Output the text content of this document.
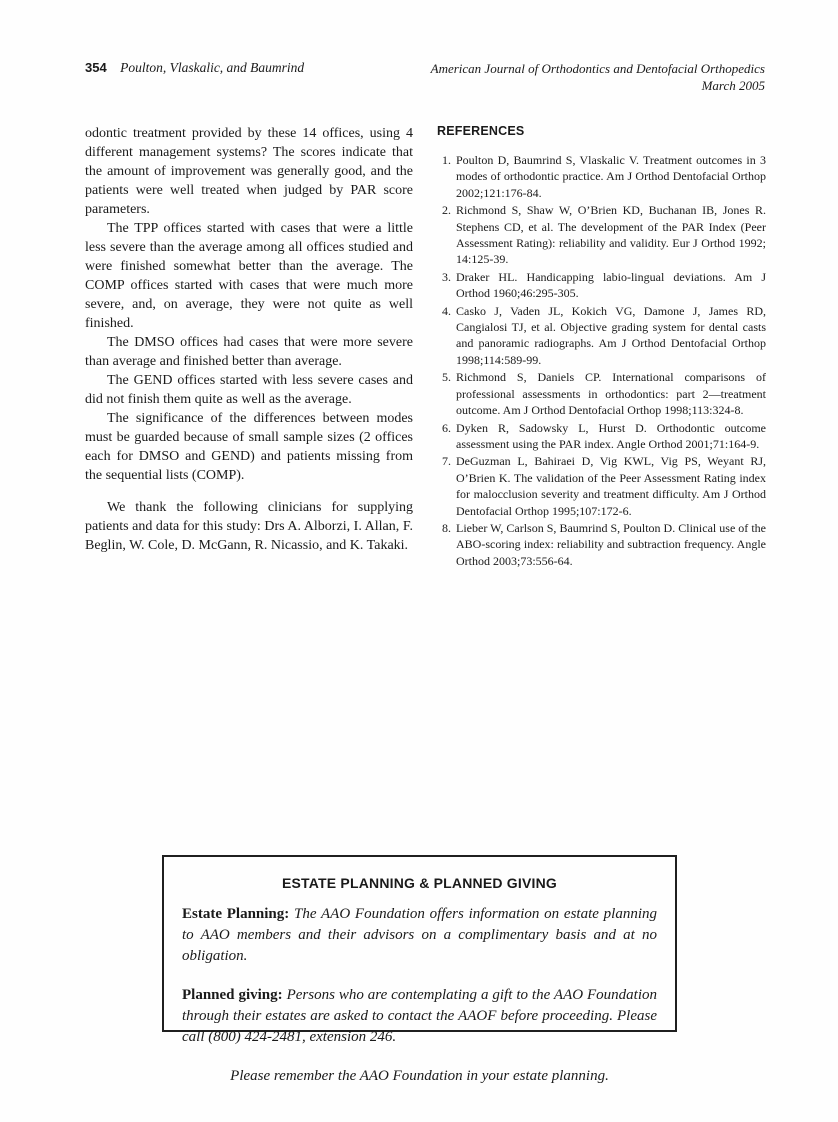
354 Poulton, Vlaskalic, and Baumrind	American Journal of Orthodontics and Dentofacial Orthopedics
March 2005

odontic treatment provided by these 14 offices, using 4 different management systems? The scores indicate that the amount of improvement was generally good, and the patients were well treated when judged by PAR score parameters.

The TPP offices started with cases that were a little less severe than the average among all offices studied and were finished somewhat better than the average. The COMP offices started with cases that were much more severe, and, on average, they were not quite as well finished.

The DMSO offices had cases that were more severe than average and finished better than average.

The GEND offices started with less severe cases and did not finish them quite as well as the average.

The significance of the differences between modes must be guarded because of small sample sizes (2 offices each for DMSO and GEND) and patients missing from the sequential lists (COMP).

We thank the following clinicians for supplying patients and data for this study: Drs A. Alborzi, I. Allan, F. Beglin, W. Cole, D. McGann, R. Nicassio, and K. Takaki.

REFERENCES
1. Poulton D, Baumrind S, Vlaskalic V. Treatment outcomes in 3 modes of orthodontic practice. Am J Orthod Dentofacial Orthop 2002;121:176-84.
2. Richmond S, Shaw W, O’Brien KD, Buchanan IB, Jones R. Stephens CD, et al. The development of the PAR Index (Peer Assessment Rating): reliability and validity. Eur J Orthod 1992; 14:125-39.
3. Draker HL. Handicapping labio-lingual deviations. Am J Orthod 1960;46:295-305.
4. Casko J, Vaden JL, Kokich VG, Damone J, James RD, Cangialosi TJ, et al. Objective grading system for dental casts and panoramic radiographs. Am J Orthod Dentofacial Orthop 1998;114:589-99.
5. Richmond S, Daniels CP. International comparisons of professional assessments in orthodontics: part 2—treatment outcome. Am J Orthod Dentofacial Orthop 1998;113:324-8.
6. Dyken R, Sadowsky L, Hurst D. Orthodontic outcome assessment using the PAR index. Angle Orthod 2001;71:164-9.
7. DeGuzman L, Bahiraei D, Vig KWL, Vig PS, Weyant RJ, O’Brien K. The validation of the Peer Assessment Rating index for malocclusion severity and treatment difficulty. Am J Orthod Dentofacial Orthop 1995;107:172-6.
8. Lieber W, Carlson S, Baumrind S, Poulton D. Clinical use of the ABO-scoring index: reliability and subtraction frequency. Angle Orthod 2003;73:556-64.
ESTATE PLANNING & PLANNED GIVING

Estate Planning: The AAO Foundation offers information on estate planning to AAO members and their advisors on a complimentary basis and at no obligation.

Planned giving: Persons who are contemplating a gift to the AAO Foundation through their estates are asked to contact the AAOF before proceeding. Please call (800) 424-2481, extension 246.

Please remember the AAO Foundation in your estate planning.
